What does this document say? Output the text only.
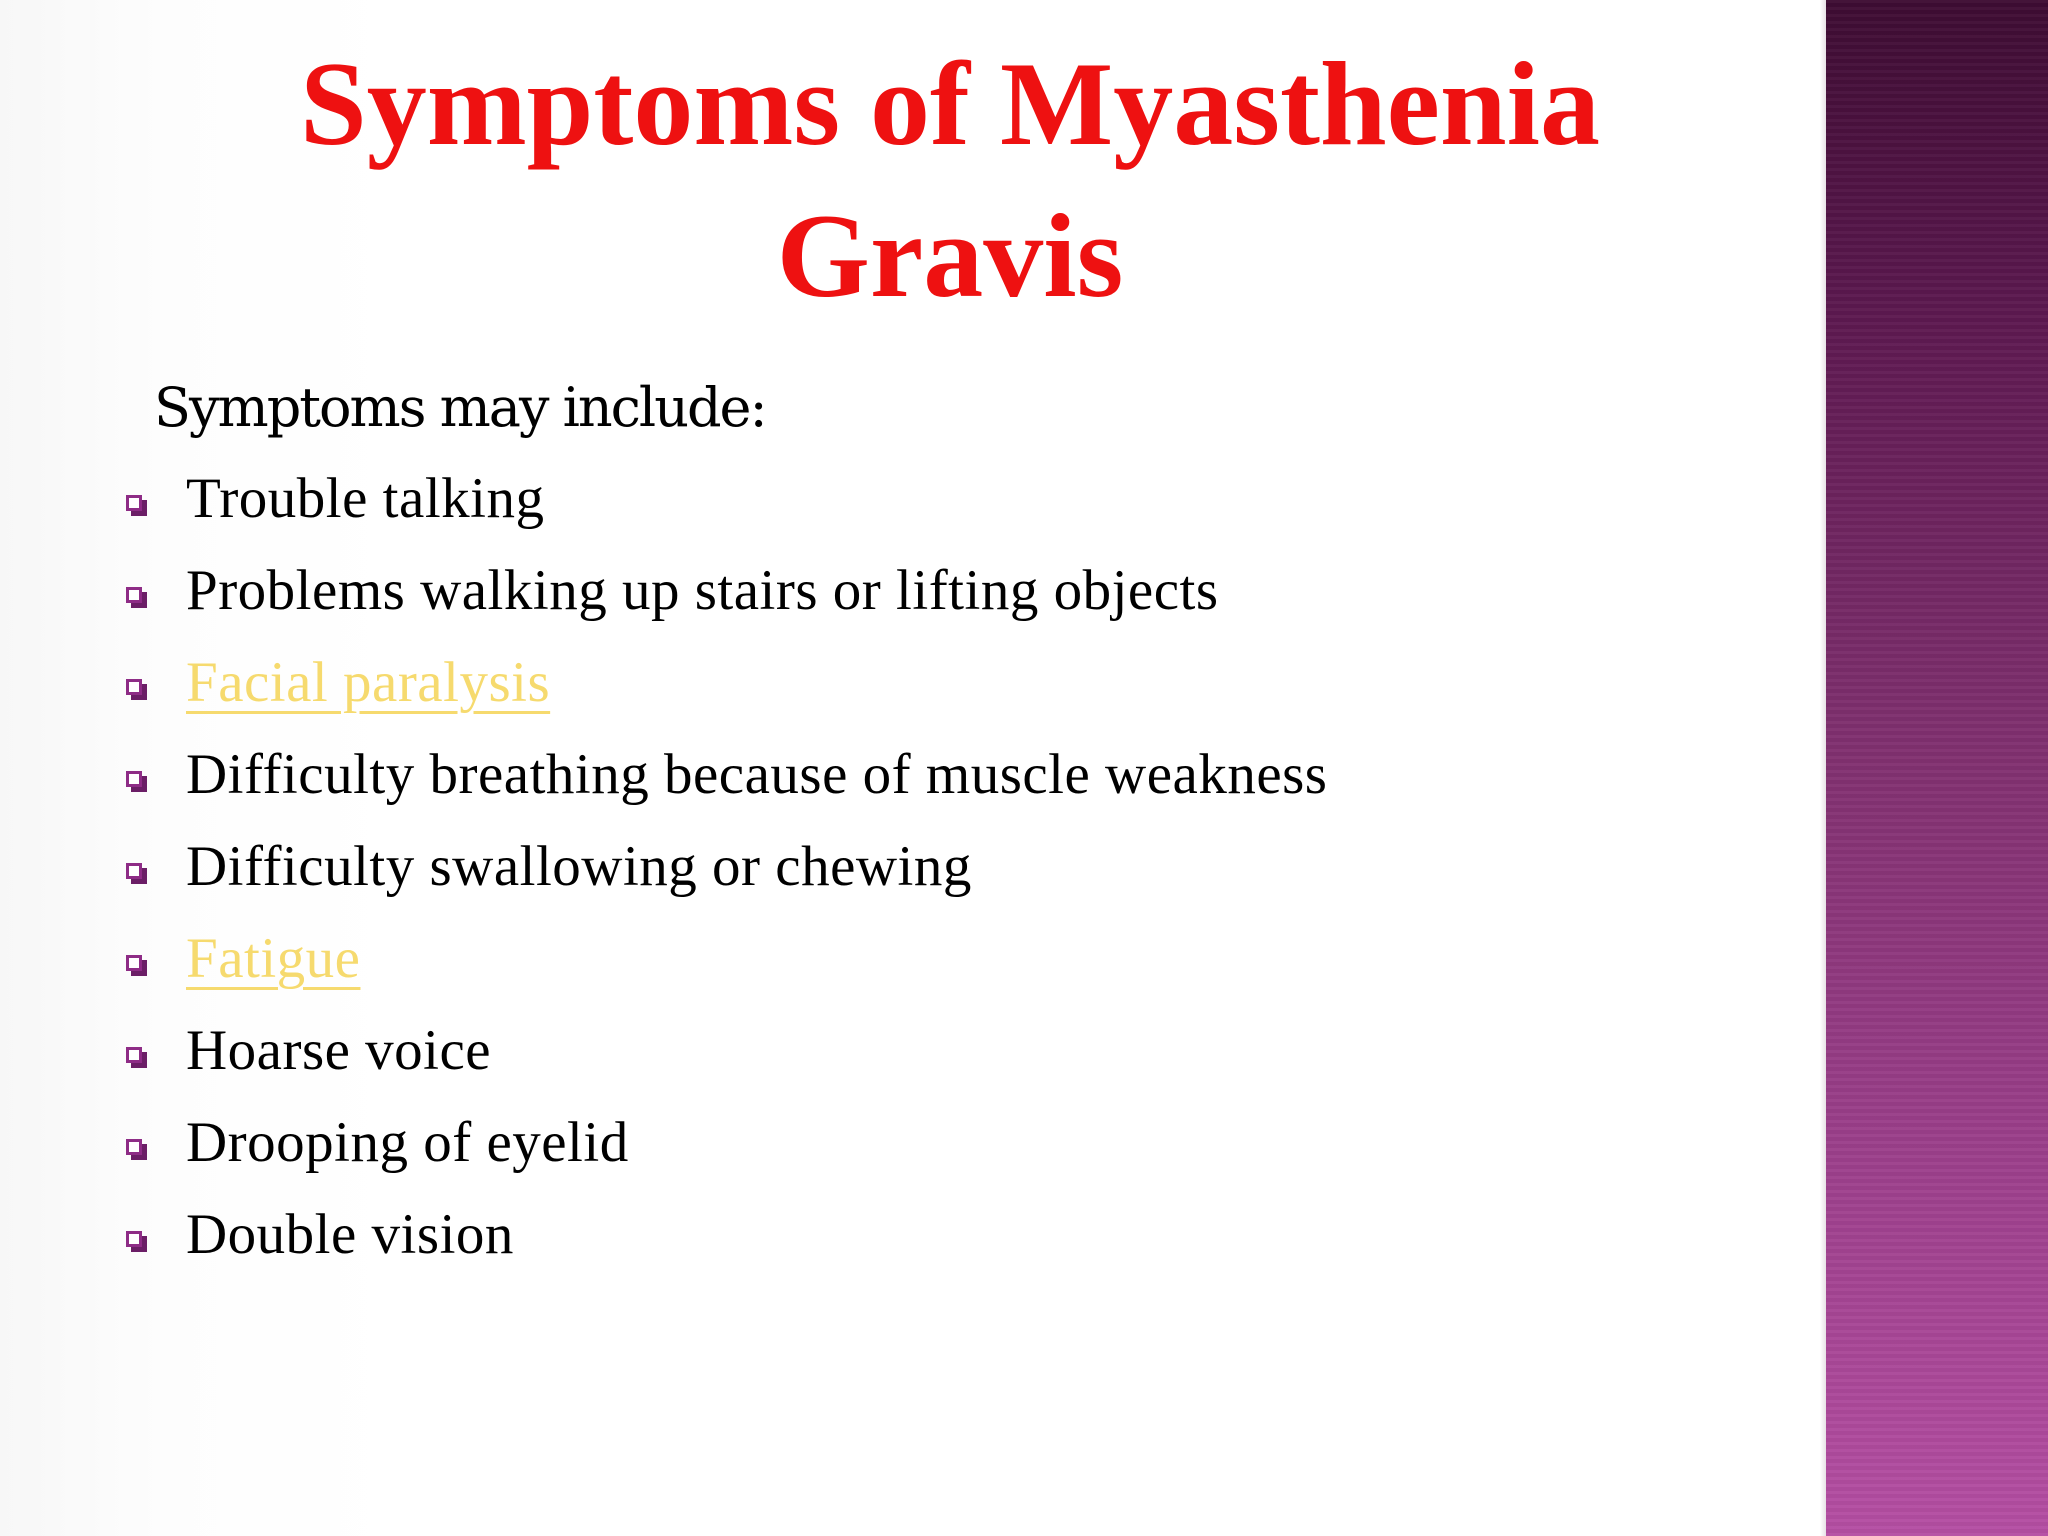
Symptoms of Myasthenia
Gravis

Symptoms may include:

Trouble talking
Problems walking up stairs or lifting objects
Facial paralysis
Difficulty breathing because of muscle weakness
Difficulty swallowing or chewing
Fatigue
Hoarse voice
Drooping of eyelid
Double vision
